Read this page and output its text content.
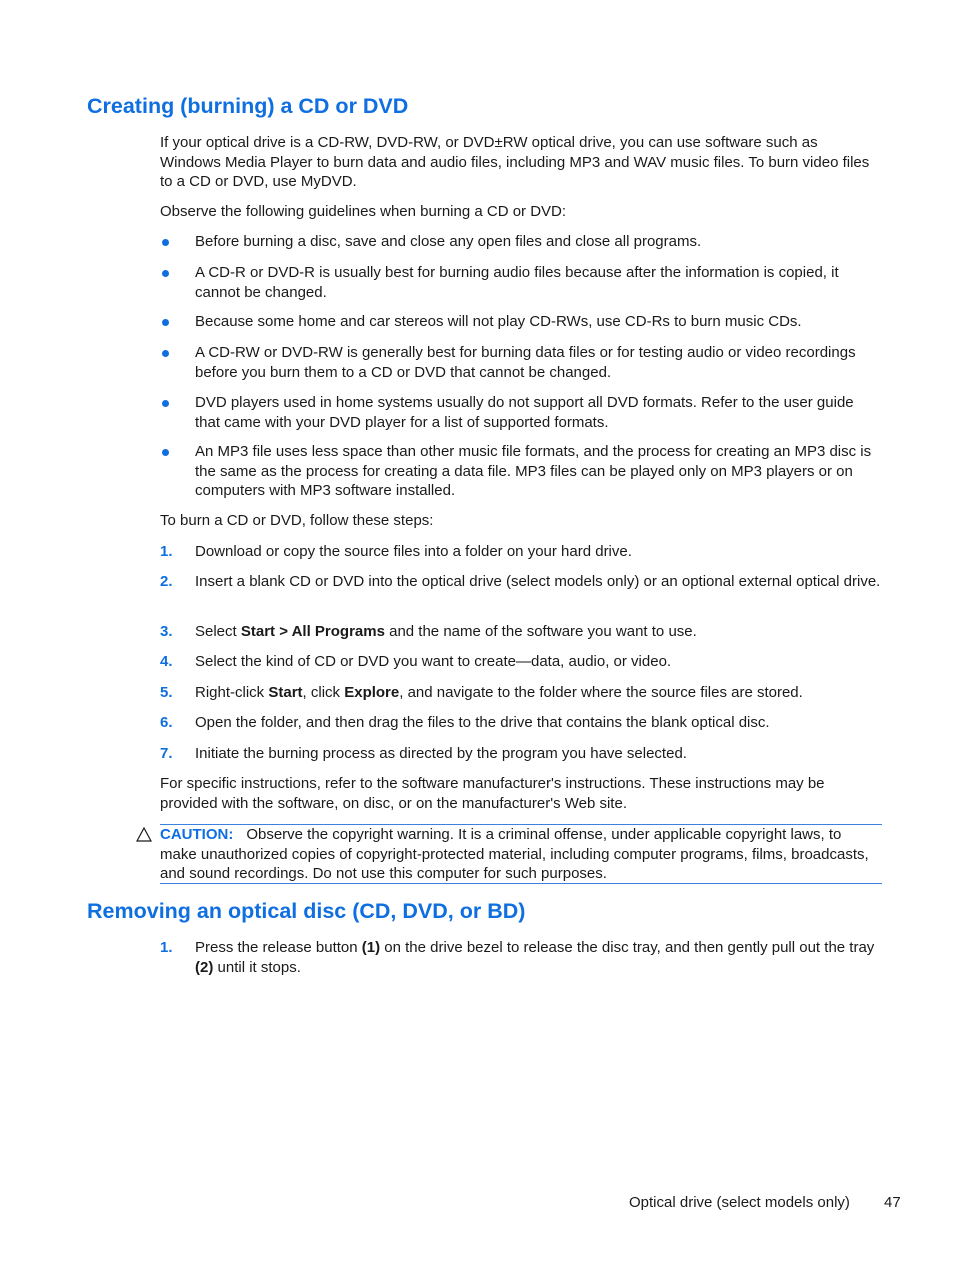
Creating (burning) a CD or DVD

If your optical drive is a CD-RW, DVD-RW, or DVD±RW optical drive, you can use software such as Windows Media Player to burn data and audio files, including MP3 and WAV music files. To burn video files to a CD or DVD, use MyDVD.

Observe the following guidelines when burning a CD or DVD:

Before burning a disc, save and close any open files and close all programs.
A CD-R or DVD-R is usually best for burning audio files because after the information is copied, it cannot be changed.
Because some home and car stereos will not play CD-RWs, use CD-Rs to burn music CDs.
A CD-RW or DVD-RW is generally best for burning data files or for testing audio or video recordings before you burn them to a CD or DVD that cannot be changed.
DVD players used in home systems usually do not support all DVD formats. Refer to the user guide that came with your DVD player for a list of supported formats.
An MP3 file uses less space than other music file formats, and the process for creating an MP3 disc is the same as the process for creating a data file. MP3 files can be played only on MP3 players or on computers with MP3 software installed.

To burn a CD or DVD, follow these steps:

1.	Download or copy the source files into a folder on your hard drive.
2.	Insert a blank CD or DVD into the optical drive (select models only) or an optional external optical drive.
3.	Select Start > All Programs and the name of the software you want to use.
4.	Select the kind of CD or DVD you want to create—data, audio, or video.
5.	Right-click Start, click Explore, and navigate to the folder where the source files are stored.
6.	Open the folder, and then drag the files to the drive that contains the blank optical disc.
7.	Initiate the burning process as directed by the program you have selected.

For specific instructions, refer to the software manufacturer's instructions. These instructions may be provided with the software, on disc, or on the manufacturer's Web site.

CAUTION: Observe the copyright warning. It is a criminal offense, under applicable copyright laws, to make unauthorized copies of copyright-protected material, including computer programs, films, broadcasts, and sound recordings. Do not use this computer for such purposes.
Removing an optical disc (CD, DVD, or BD)
1.	Press the release button (1) on the drive bezel to release the disc tray, and then gently pull out the tray (2) until it stops.
Optical drive (select models only) 47
